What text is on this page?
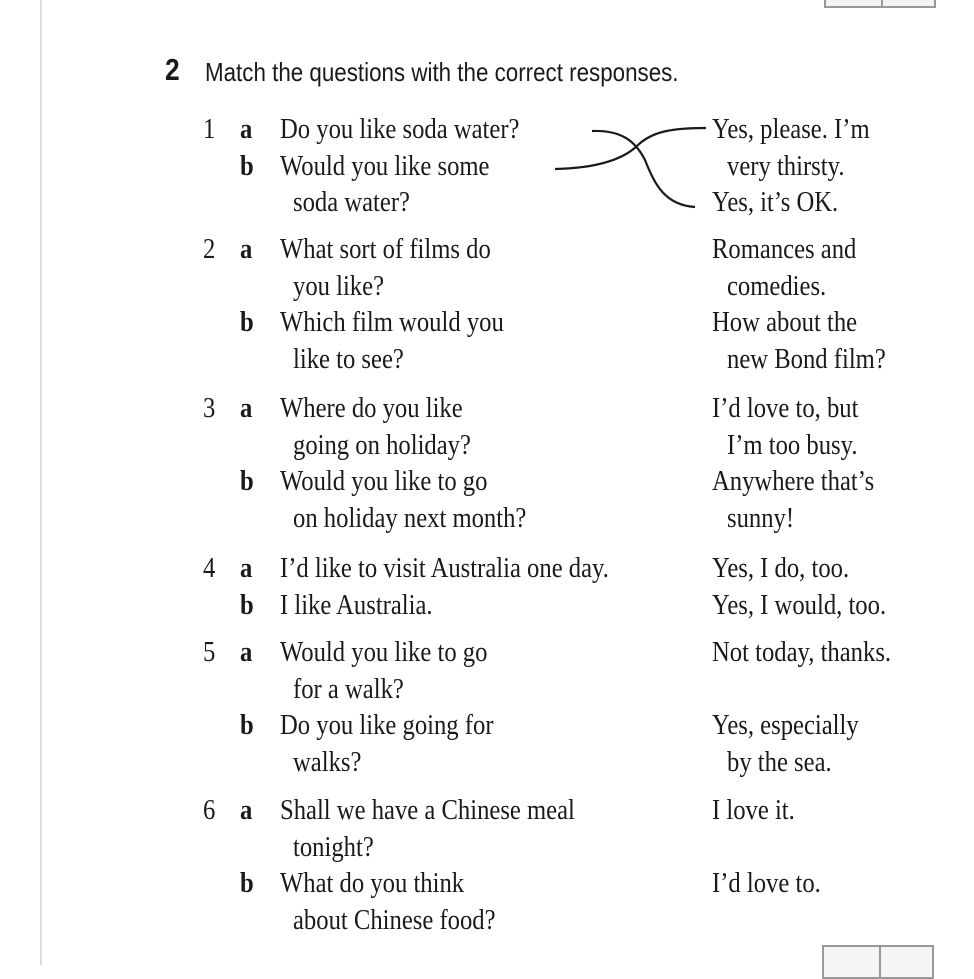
2 Match the questions with the correct responses.
1 a Do you like soda water?	Yes, please. I’m
b Would you like some	very thirsty.
soda water?	Yes, it’s OK.
2 a What sort of films do	Romances and
you like?	comedies.
b Which film would you	How about the
like to see?	new Bond film?
3 a Where do you like	I’d love to, but
going on holiday?	I’m too busy.
b Would you like to go	Anywhere that’s
on holiday next month?	sunny!
4 a I’d like to visit Australia one day.	Yes, I do, too.
b I like Australia.	Yes, I would, too.
5 a Would you like to go	Not today, thanks.
for a walk?
b Do you like going for	Yes, especially
walks?	by the sea.
6 a Shall we have a Chinese meal	I love it.
tonight?
b What do you think	I’d love to.
about Chinese food?
